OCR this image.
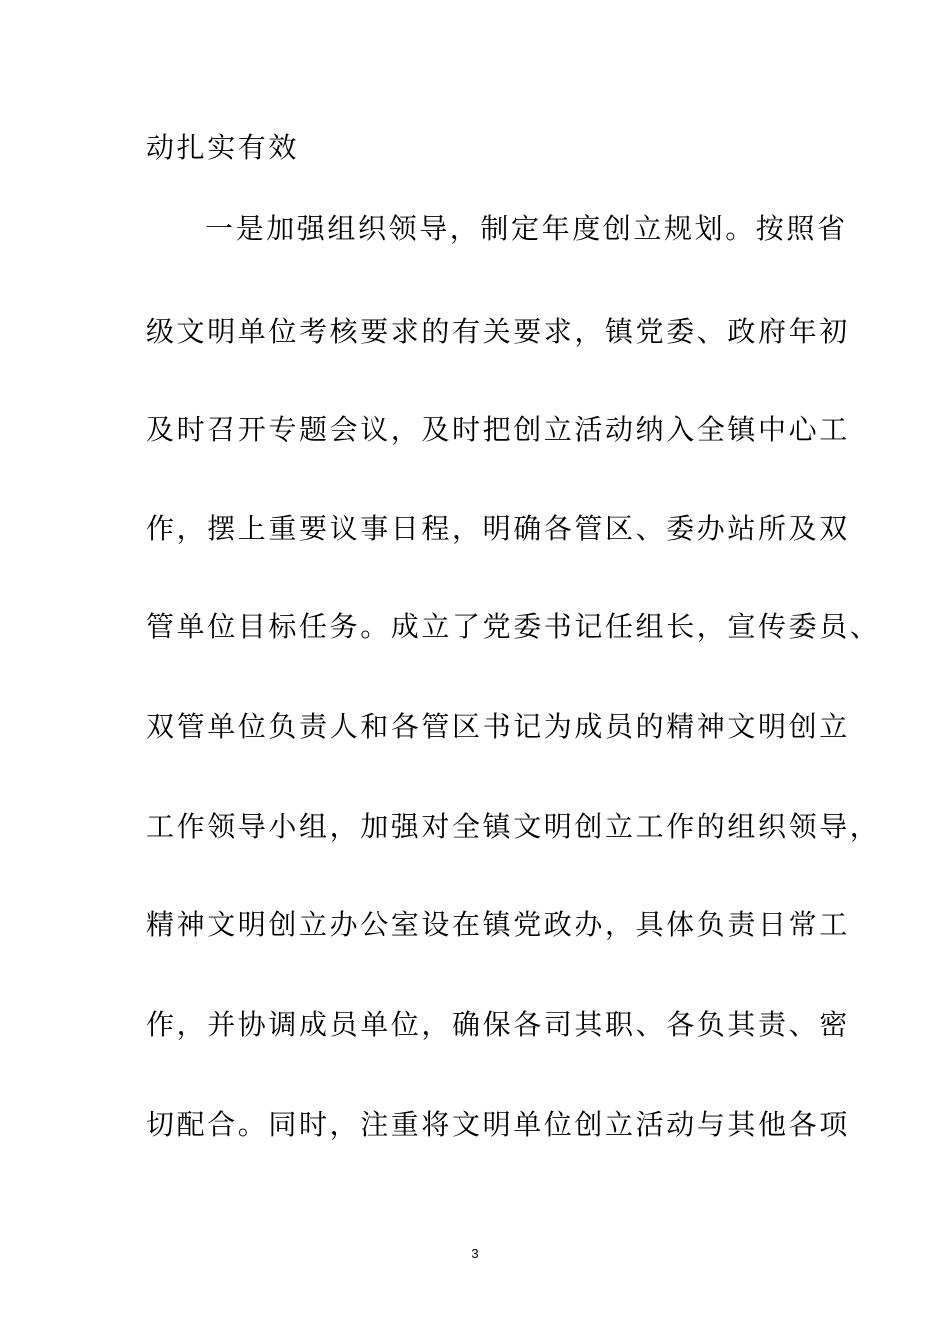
动扎实有效
一是加强组织领导，制定年度创立规划。按照省
级文明单位考核要求的有关要求，镇党委、政府年初
及时召开专题会议，及时把创立活动纳入全镇中心工
作，摆上重要议事日程，明确各管区、委办站所及双
管单位目标任务。成立了党委书记任组长，宣传委员、
双管单位负责人和各管区书记为成员的精神文明创立
工作领导小组，加强对全镇文明创立工作的组织领导，
精神文明创立办公室设在镇党政办，具体负责日常工
作，并协调成员单位，确保各司其职、各负其责、密
切配合。同时，注重将文明单位创立活动与其他各项
3
